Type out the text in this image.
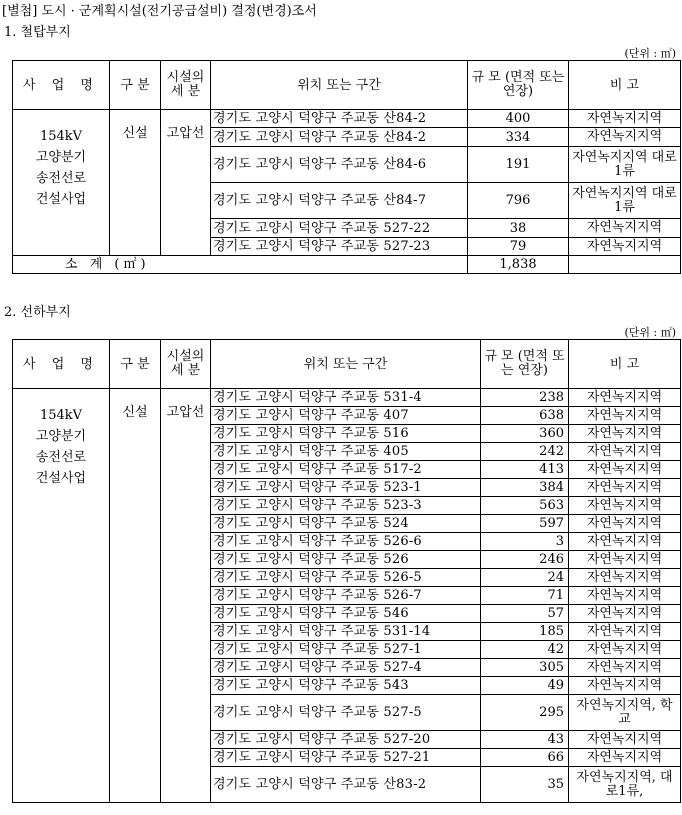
[별첨] 도시 · 군계획시설(전기공급설비) 결정(변경)조서
1. 철탑부지
(단위 : ㎡)
사 업 명	구 분	시설의 세 분	위치 또는 구간	규 모 (면적 또는 연장)	비 고

154kV
고양분기
송전선로
건설사업	신설	고압선	경기도 고양시 덕양구 주교동 산84-2	400	자연녹지지역
			경기도 고양시 덕양구 주교동 산84-2	334	자연녹지지역
			경기도 고양시 덕양구 주교동 산84-6	191	자연녹지지역 대로1류
			경기도 고양시 덕양구 주교동 산84-7	796	자연녹지지역 대로1류
			경기도 고양시 덕양구 주교동 527-22	38	자연녹지지역
			경기도 고양시 덕양구 주교동 527-23	79	자연녹지지역
소 계 (㎡)				1,838	
2. 선하부지
(단위 : ㎡)
사 업 명	구 분	시설의 세 분	위치 또는 구간	규 모 (면적 또는 연장)	비 고

154kV
고양분기
송전선로
건설사업	신설	고압선	경기도 고양시 덕양구 주교동 531-4	238	자연녹지지역
			경기도 고양시 덕양구 주교동 407	638	자연녹지지역
			경기도 고양시 덕양구 주교동 516	360	자연녹지지역
			경기도 고양시 덕양구 주교동 405	242	자연녹지지역
			경기도 고양시 덕양구 주교동 517-2	413	자연녹지지역
			경기도 고양시 덕양구 주교동 523-1	384	자연녹지지역
			경기도 고양시 덕양구 주교동 523-3	563	자연녹지지역
			경기도 고양시 덕양구 주교동 524	597	자연녹지지역
			경기도 고양시 덕양구 주교동 526-6	3	자연녹지지역
			경기도 고양시 덕양구 주교동 526	246	자연녹지지역
			경기도 고양시 덕양구 주교동 526-5	24	자연녹지지역
			경기도 고양시 덕양구 주교동 526-7	71	자연녹지지역
			경기도 고양시 덕양구 주교동 546	57	자연녹지지역
			경기도 고양시 덕양구 주교동 531-14	185	자연녹지지역
			경기도 고양시 덕양구 주교동 527-1	42	자연녹지지역
			경기도 고양시 덕양구 주교동 527-4	305	자연녹지지역
			경기도 고양시 덕양구 주교동 543	49	자연녹지지역
			경기도 고양시 덕양구 주교동 527-5	295	자연녹지지역, 학교
			경기도 고양시 덕양구 주교동 527-20	43	자연녹지지역
			경기도 고양시 덕양구 주교동 527-21	66	자연녹지지역
			경기도 고양시 덕양구 주교동 산83-2	35	자연녹지지역, 대로1류,
